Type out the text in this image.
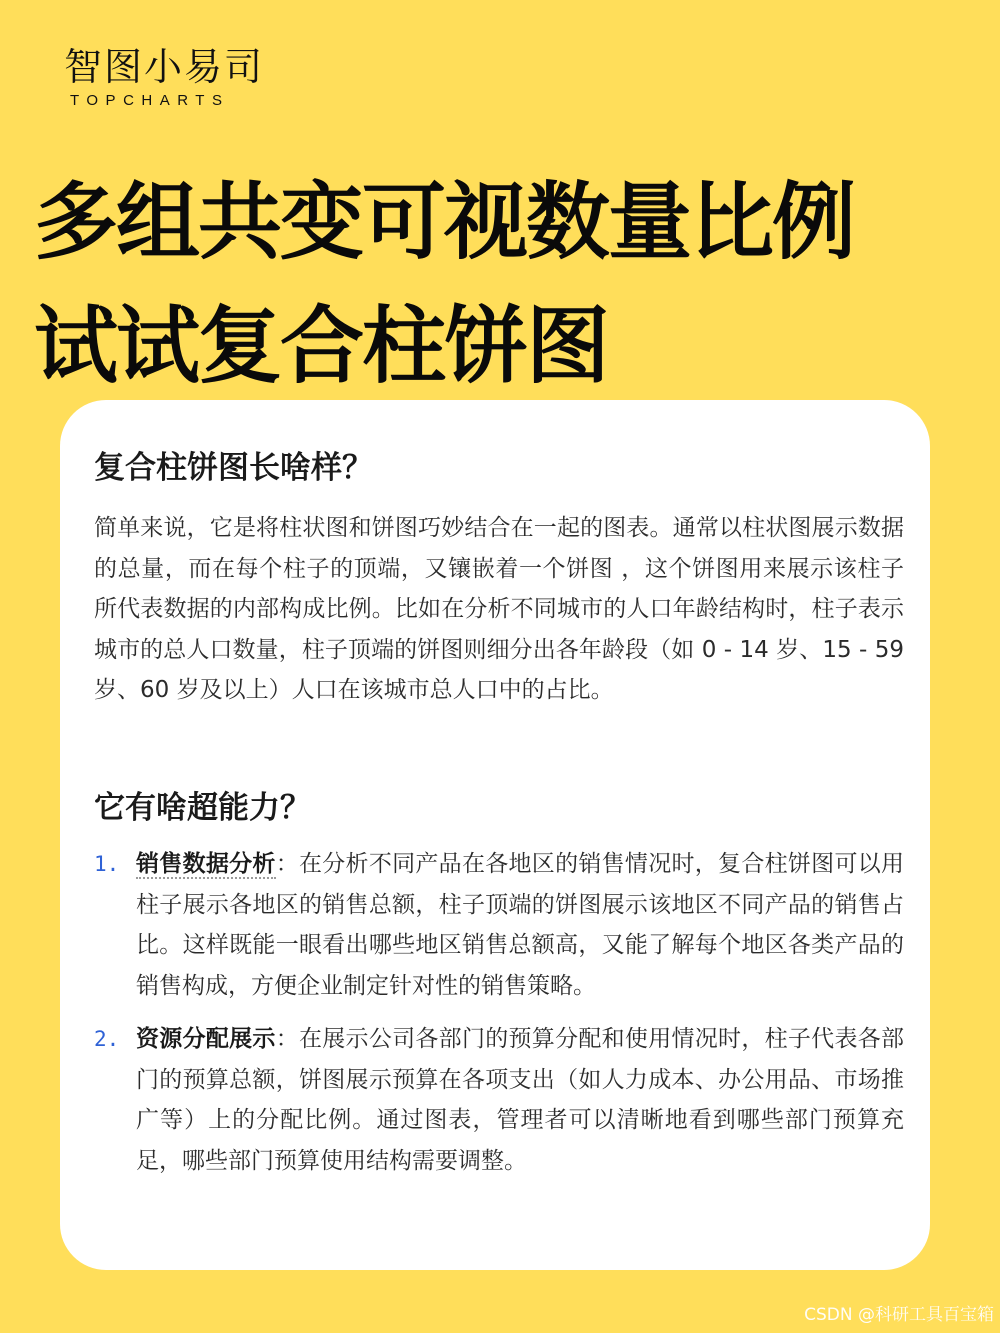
智图小易司
TOPCHARTS
多组共变可视数量比例
试试复合柱饼图
复合柱饼图长啥样？
简单来说，它是将柱状图和饼图巧妙结合在一起的图表。通常以柱状图展示数据的总量，而在每个柱子的顶端，又镶嵌着一个饼图 ，这个饼图用来展示该柱子所代表数据的内部构成比例。比如在分析不同城市的人口年龄结构时，柱子表示城市的总人口数量，柱子顶端的饼图则细分出各年龄段（如 0 - 14 岁、15 - 59 岁、60 岁及以上）人口在该城市总人口中的占比。
它有啥超能力？
1. 销售数据分析：在分析不同产品在各地区的销售情况时，复合柱饼图可以用柱子展示各地区的销售总额，柱子顶端的饼图展示该地区不同产品的销售占比。这样既能一眼看出哪些地区销售总额高，又能了解每个地区各类产品的销售构成，方便企业制定针对性的销售策略。
2. 资源分配展示：在展示公司各部门的预算分配和使用情况时，柱子代表各部门的预算总额，饼图展示预算在各项支出（如人力成本、办公用品、市场推广等）上的分配比例。通过图表，管理者可以清晰地看到哪些部门预算充足，哪些部门预算使用结构需要调整。
CSDN @科研工具百宝箱
